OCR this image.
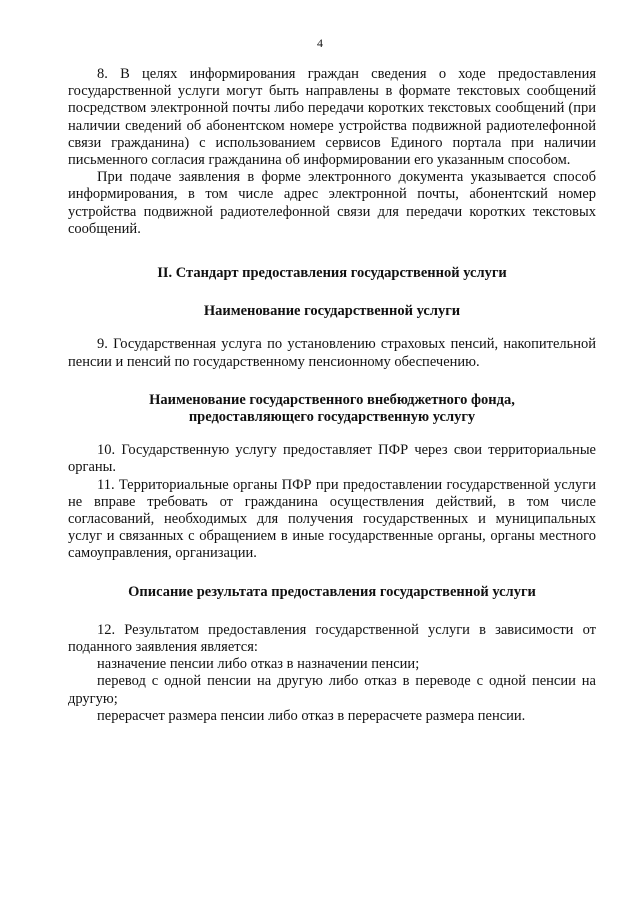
4

8. В целях информирования граждан сведения о ходе предоставления государственной услуги могут быть направлены в формате текстовых сообщений посредством электронной почты либо передачи коротких текстовых сообщений (при наличии сведений об абонентском номере устройства подвижной радиотелефонной связи гражданина) с использованием сервисов Единого портала при наличии письменного согласия гражданина об информировании его указанным способом.

При подаче заявления в форме электронного документа указывается способ информирования, в том числе адрес электронной почты, абонентский номер устройства подвижной радиотелефонной связи для передачи коротких текстовых сообщений.

II. Стандарт предоставления государственной услуги

Наименование государственной услуги

9. Государственная услуга по установлению страховых пенсий, накопительной пенсии и пенсий по государственному пенсионному обеспечению.

Наименование государственного внебюджетного фонда,

предоставляющего государственную услугу

10. Государственную услугу предоставляет ПФР через свои территориальные органы.

11. Территориальные органы ПФР при предоставлении государственной услуги не вправе требовать от гражданина осуществления действий, в том числе согласований, необходимых для получения государственных и муниципальных услуг и связанных с обращением в иные государственные органы, органы местного самоуправления, организации.

Описание результата предоставления государственной услуги

12. Результатом предоставления государственной услуги в зависимости от поданного заявления является:

назначение пенсии либо отказ в назначении пенсии;

перевод с одной пенсии на другую либо отказ в переводе с одной пенсии на другую;

перерасчет размера пенсии либо отказ в перерасчете размера пенсии.
